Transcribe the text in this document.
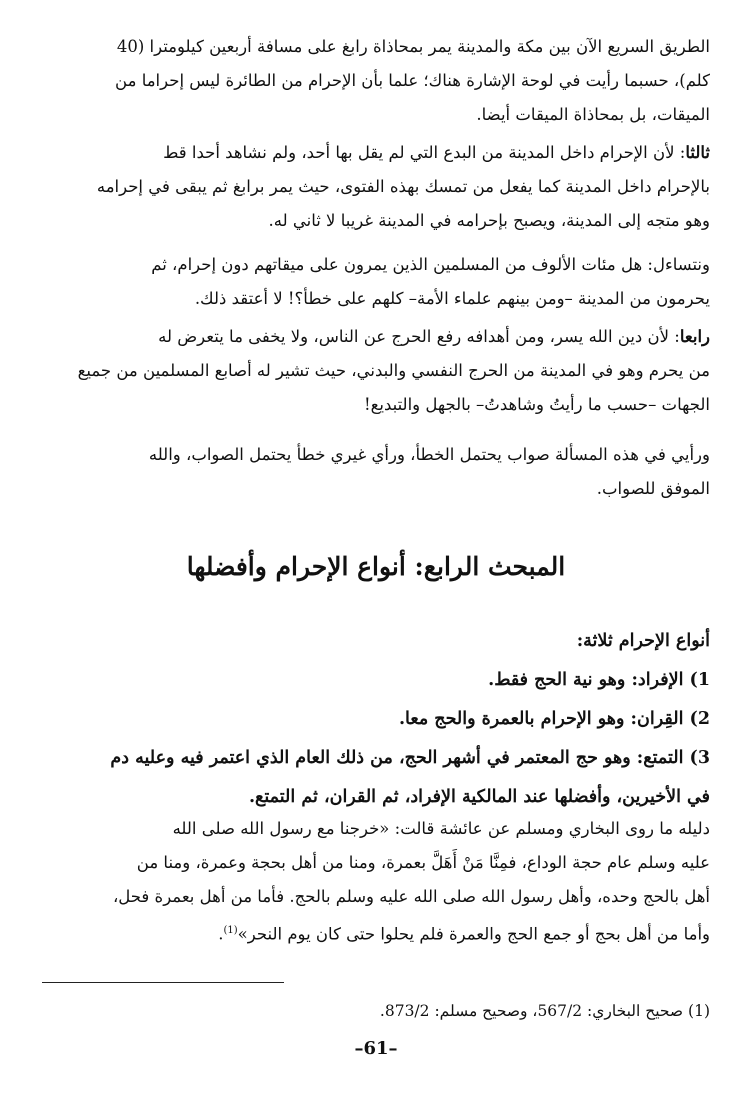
الطريق السريع الآن بين مكة والمدينة يمر بمحاذاة رابغ على مسافة أربعين كيلومترا (40
كلم)، حسبما رأيت في لوحة الإشارة هناك؛ علما بأن الإحرام من الطائرة ليس إحراما من
الميقات، بل بمحاذاة الميقات أيضا.
ثالثا: لأن الإحرام داخل المدينة من البدع التي لم يقل بها أحد، ولم نشاهد أحدا قط
بالإحرام داخل المدينة كما يفعل من تمسك بهذه الفتوى، حيث يمر برابغ ثم يبقى في إحرامه
وهو متجه إلى المدينة، ويصبح بإحرامه في المدينة غريبا لا ثاني له.
ونتساءل: هل مئات الألوف من المسلمين الذين يمرون على ميقاتهم دون إحرام، ثم
يحرمون من المدينة –ومن بينهم علماء الأمة– كلهم على خطأ؟! لا أعتقد ذلك.
رابعا: لأن دين الله يسر، ومن أهدافه رفع الحرج عن الناس، ولا يخفى ما يتعرض له
من يحرم وهو في المدينة من الحرج النفسي والبدني، حيث تشير له أصابع المسلمين من جميع
الجهات –حسب ما رأيتُ وشاهدتُ– بالجهل والتبديع!
ورأيي في هذه المسألة صواب يحتمل الخطأ، ورأي غيري خطأ يحتمل الصواب، والله
الموفق للصواب.
المبحث الرابع: أنواع الإحرام وأفضلها
أنواع الإحرام ثلاثة:
1) الإفراد: وهو نية الحج فقط.
2) القِران: وهو الإحرام بالعمرة والحج معا.
3) التمتع: وهو حج المعتمر في أشهر الحج، من ذلك العام الذي اعتمر فيه وعليه دم
في الأخيرين، وأفضلها عند المالكية الإفراد، ثم القران، ثم التمتع.
دليله ما روى البخاري ومسلم عن عائشة قالت: «خرجنا مع رسول الله صلى الله
عليه وسلم عام حجة الوداع، فمِنَّا مَنْ أَهَلَّ بعمرة، ومنا من أهل بحجة وعمرة، ومنا من
أهل بالحج وحده، وأهل رسول الله صلى الله عليه وسلم بالحج. فأما من أهل بعمرة فحل،
وأما من أهل بحج أو جمع الحج والعمرة فلم يحلوا حتى كان يوم النحر»$^{(1)}$.
(1) صحيح البخاري: 567/2، وصحيح مسلم: 873/2.
–61–
